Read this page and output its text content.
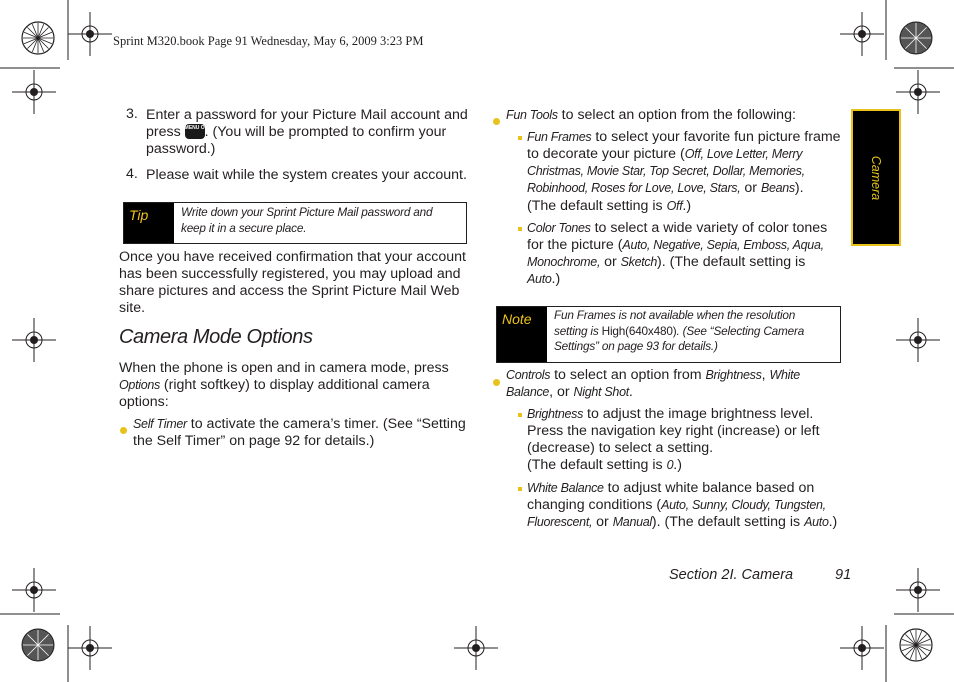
Sprint M320.book Page 91 Wednesday, May 6, 2009 3:23 PM
Camera
3. Enter a password for your Picture Mail account and
press MENU OK. (You will be prompted to confirm your
password.)
4. Please wait while the system creates your account.
Tip	Write down your Sprint Picture Mail password and
keep it in a secure place.
Once you have received confirmation that your account
has been successfully registered, you may upload and
share pictures and access the Sprint Picture Mail Web
site.
Camera Mode Options
When the phone is open and in camera mode, press
Options (right softkey) to display additional camera
options:
Self Timer to activate the camera’s timer. (See “Setting
the Self Timer” on page 92 for details.)
Fun Tools to select an option from the following:
Fun Frames to select your favorite fun picture frame
to decorate your picture (Off, Love Letter, Merry
Christmas, Movie Star, Top Secret, Dollar, Memories,
Robinhood, Roses for Love, Love, Stars, or Beans).
(The default setting is Off.)
Color Tones to select a wide variety of color tones
for the picture (Auto, Negative, Sepia, Emboss, Aqua,
Monochrome, or Sketch). (The default setting is
Auto.)
Note	Fun Frames is not available when the resolution
setting is High(640x480). (See “Selecting Camera
Settings” on page 93 for details.)
Controls to select an option from Brightness, White
Balance, or Night Shot.
Brightness to adjust the image brightness level.
Press the navigation key right (increase) or left
(decrease) to select a setting.
(The default setting is 0.)
White Balance to adjust white balance based on
changing conditions (Auto, Sunny, Cloudy, Tungsten,
Fluorescent, or Manual). (The default setting is Auto.)
Section 2I. Camera	91
